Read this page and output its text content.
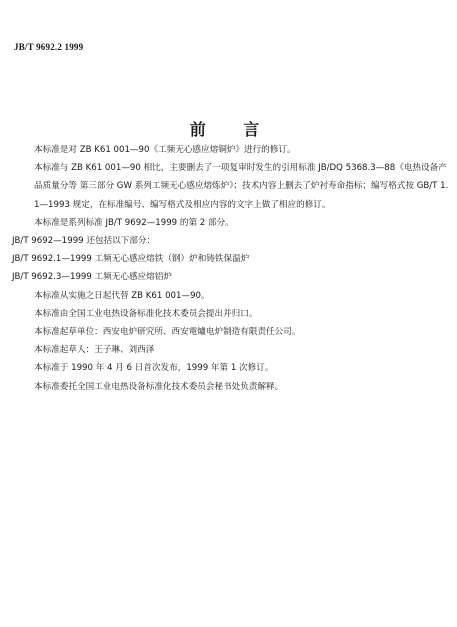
JB/T 9692.2 1999
前 言

本标准是对 ZB K61 001—90《工频无心感应熔铜炉》进行的修订。

本标准与 ZB K61 001—90 相比，主要删去了一项复审时发生的引用标准 JB/DQ 5368.3—88《电热设备产品质量分等 第三部分 GW 系列工频无心感应熔炼炉》；技术内容上删去了炉衬寿命指标；编写格式按 GB/T 1.1—1993 规定，在标准编号、编写格式及相应内容的文字上做了相应的修订。

本标准是系列标准 JB/T 9692—1999 的第 2 部分。

JB/T 9692—1999 还包括以下部分：

JB/T 9692.1—1999 工频无心感应熔铁（钢）炉和铸铁保温炉

JB/T 9692.3—1999 工频无心感应熔铝炉

本标准从实施之日起代替 ZB K61 001—90。

本标准由全国工业电热设备标准化技术委员会提出并归口。

本标准起草单位：西安电炉研究所、西安電爐电炉制造有限责任公司。

本标准起草人：王子琳、刘西泽

本标准于 1990 年 4 月 6 日首次发布，1999 年第 1 次修订。

本标准委托全国工业电热设备标准化技术委员会秘书处负责解释。
